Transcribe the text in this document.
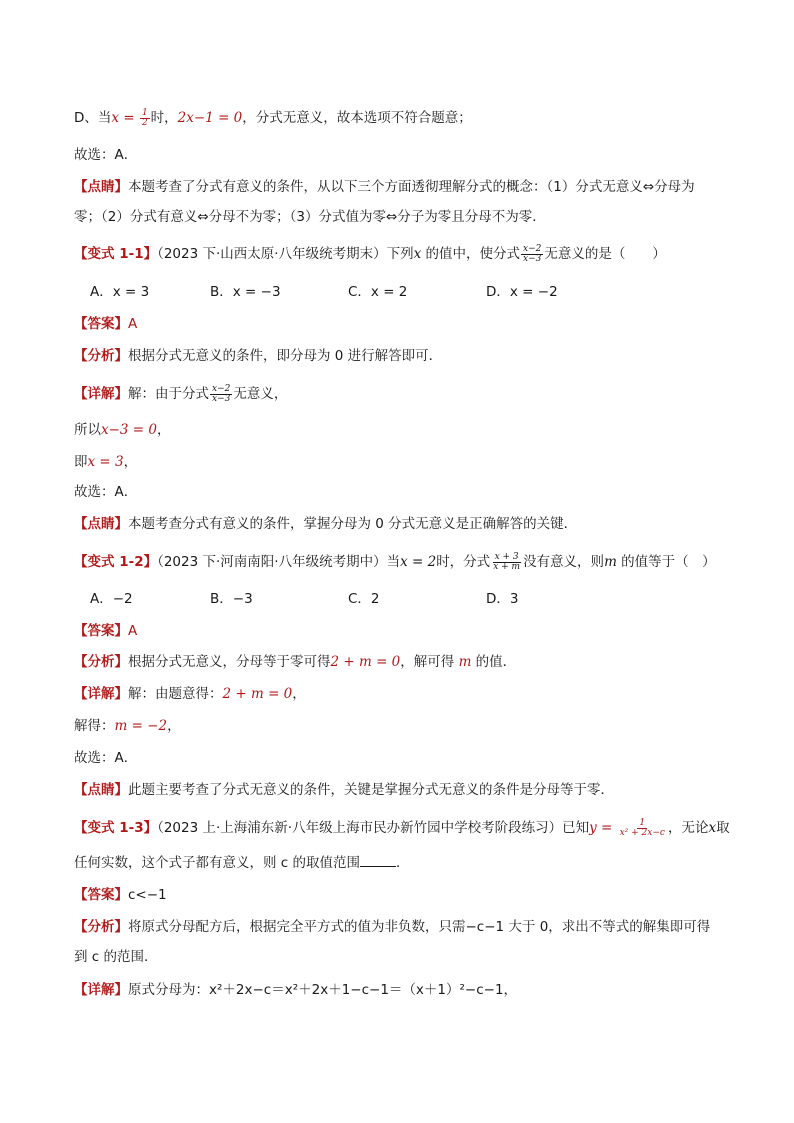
D、当$x = \frac{1}{2}$ 时，2x−1 = 0，分式无意义，故本选项不符合题意；
故选：A．
【点睛】本题考查了分式有意义的条件，从以下三个方面透彻理解分式的概念：（1）分式无意义⇔分母为
零；（2）分式有意义⇔分母不为零；（3）分式值为零⇔分子为零且分母不为零．
【变式 1-1】（2023 下·山西太原·八年级统考期末）下列x 的值中，使分式 $\frac{x-2}{x-3}$ 无意义的是（　　）
A．x = 3	B．x = −3	C．x = 2	D．x = −2
【答案】A
【分析】根据分式无意义的条件，即分母为 0 进行解答即可．
【详解】解：由于分式 $\frac{x-2}{x-3}$ 无意义，
所以x−3 = 0，
即x = 3，
故选：A．
【点睛】本题考查分式有意义的条件，掌握分母为 0 分式无意义是正确解答的关键．
【变式 1-2】（2023 下·河南南阳·八年级统考期中）当x = 2时，分式 $\frac{x + 3}{x + m}$ 没有意义，则m 的值等于（　）
A．−2	B．−3	C．2	D．3
【答案】A
【分析】根据分式无意义，分母等于零可得2 + m = 0，解可得 m 的值．
【详解】解：由题意得：2 + m = 0，
解得：m = −2，
故选：A．
【点睛】此题主要考查了分式无意义的条件，关键是掌握分式无意义的条件是分母等于零．
【变式 1-3】（2023 上·上海浦东新·八年级上海市民办新竹园中学校考阶段练习）已知$y = \frac{1}{\text{x² + 2x−c}}$ ，无论x取
任何实数，这个式子都有意义，则 c 的取值范围	．
【答案】c<−1
【分析】将原式分母配方后，根据完全平方式的值为非负数，只需−c−1 大于 0，求出不等式的解集即可得
到 c 的范围．
【详解】原式分母为：x²＋2x−c＝x²＋2x＋1−c−1＝（x＋1）²−c−1，
